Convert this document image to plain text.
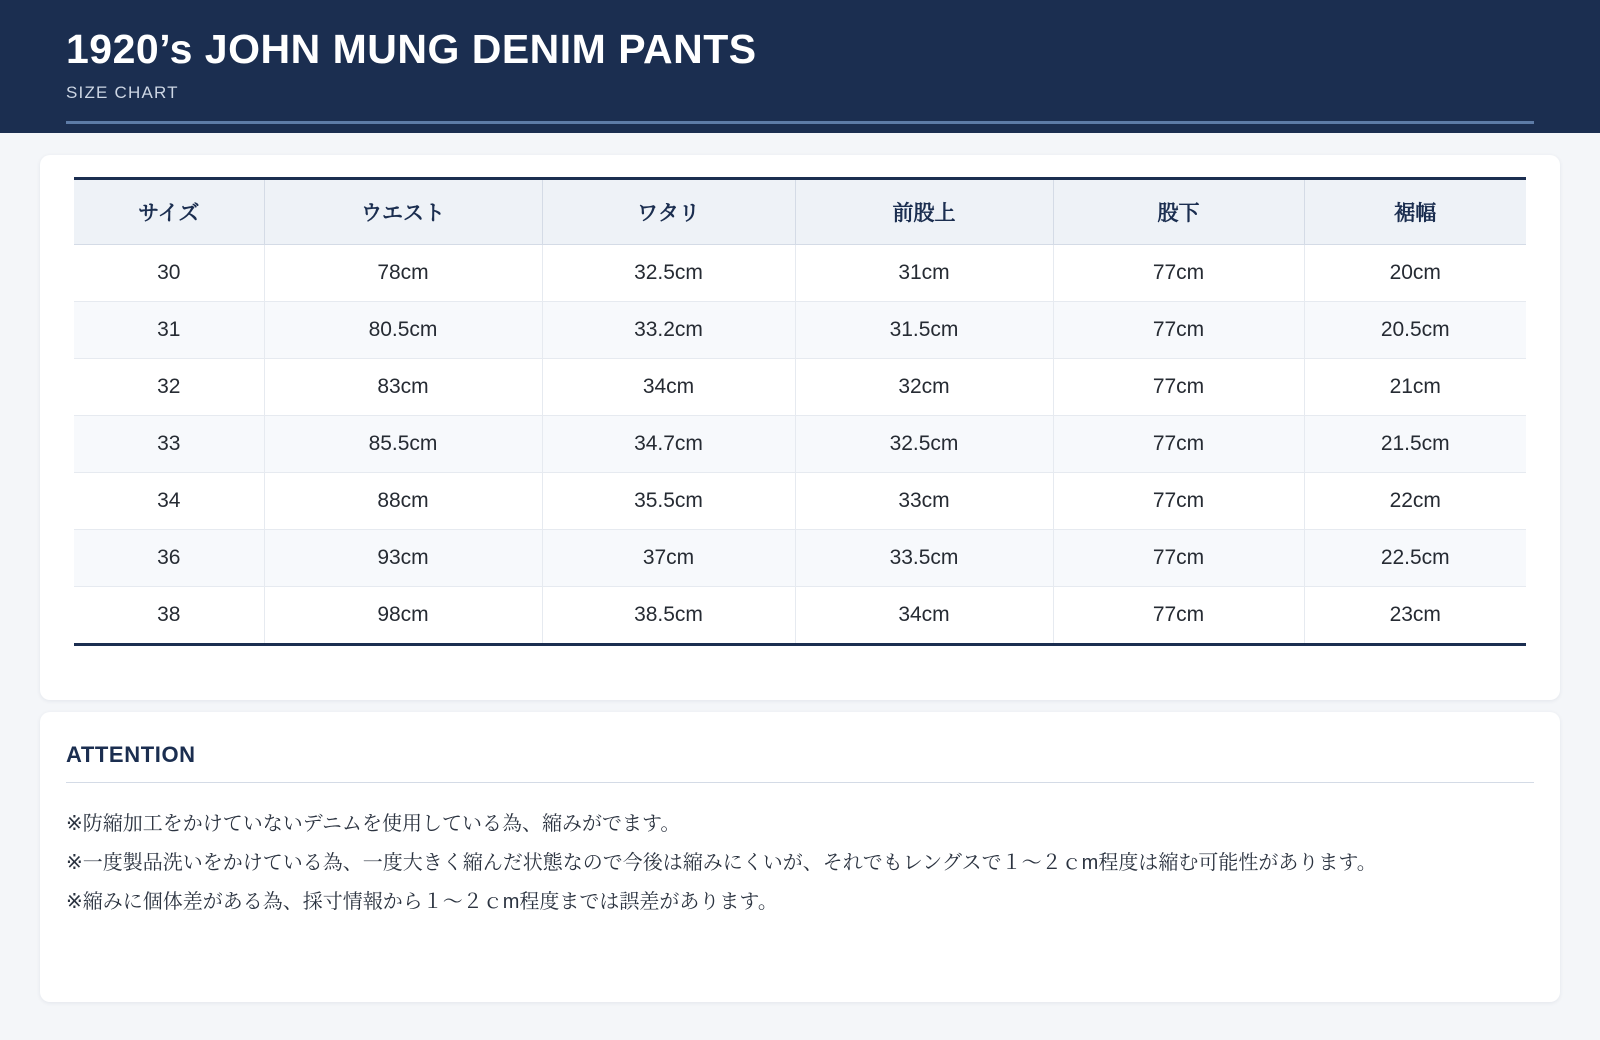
1920’s JOHN MUNG DENIM PANTS
SIZE CHART
サイズ	ウエスト	ワタリ	前股上	股下	裾幅
30	78cm	32.5cm	31cm	77cm	20cm
31	80.5cm	33.2cm	31.5cm	77cm	20.5cm
32	83cm	34cm	32cm	77cm	21cm
33	85.5cm	34.7cm	32.5cm	77cm	21.5cm
34	88cm	35.5cm	33cm	77cm	22cm
36	93cm	37cm	33.5cm	77cm	22.5cm
38	98cm	38.5cm	34cm	77cm	23cm
ATTENTION
※防縮加工をかけていないデニムを使用している為、縮みがでます。
※一度製品洗いをかけている為、一度大きく縮んだ状態なので今後は縮みにくいが、それでもレングスで１～２ｃm程度は縮む可能性があります。
※縮みに個体差がある為、採寸情報から１～２ｃm程度までは誤差があります。
